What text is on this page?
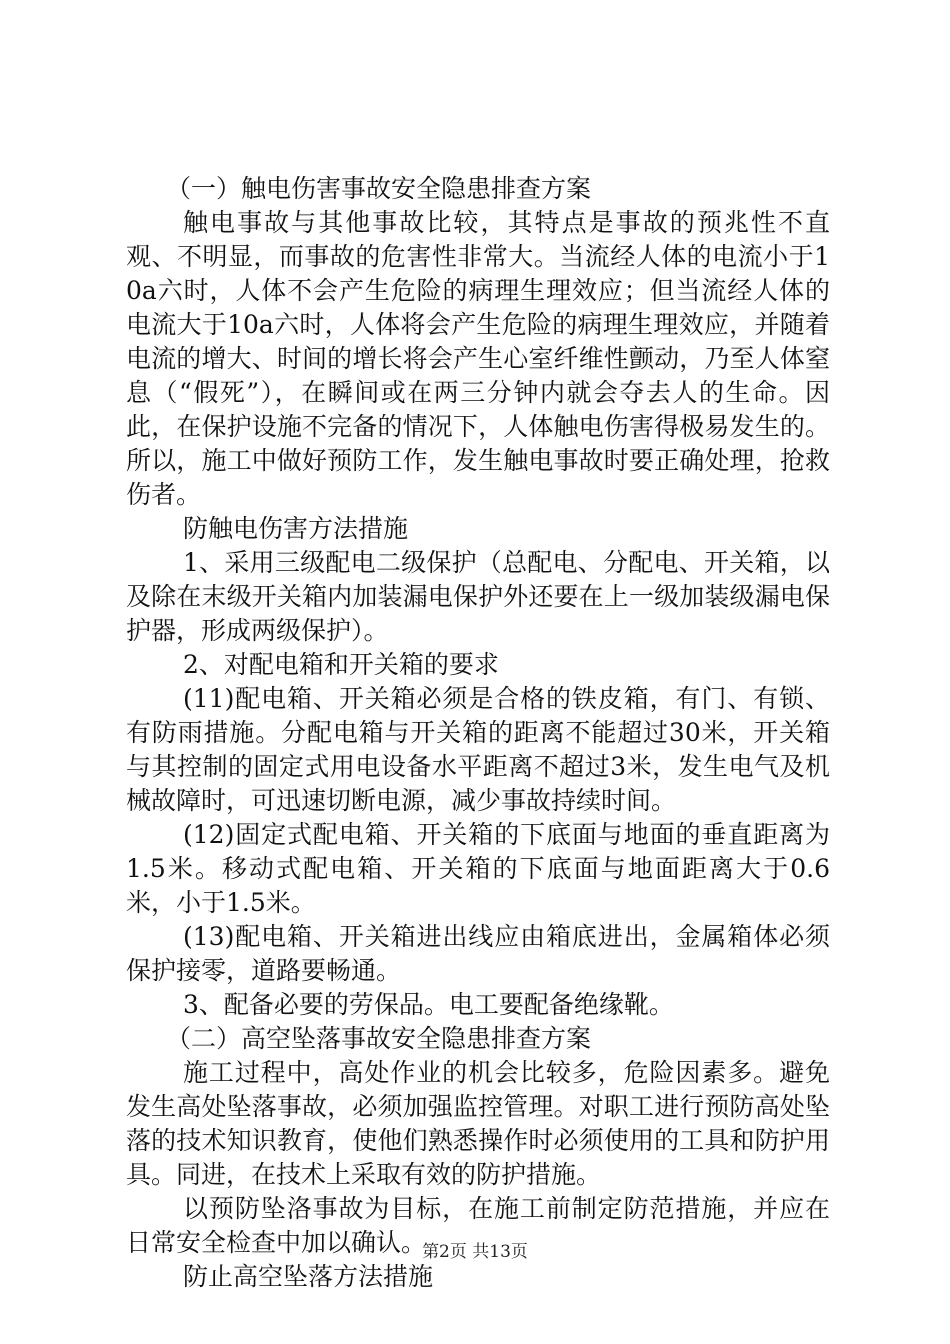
（一）触电伤害事故安全隐患排查方案

触电事故与其他事故比较，其特点是事故的预兆性不直观、不明显，而事故的危害性非常大。当流经人体的电流小于10a六时，人体不会产生危险的病理生理效应；但当流经人体的电流大于10a六时，人体将会产生危险的病理生理效应，并随着电流的增大、时间的增长将会产生心室纤维性颤动，乃至人体窒息（“假死”），在瞬间或在两三分钟内就会夺去人的生命。因此，在保护设施不完备的情况下，人体触电伤害得极易发生的。所以，施工中做好预防工作，发生触电事故时要正确处理，抢救伤者。

防触电伤害方法措施

1、采用三级配电二级保护（总配电、分配电、开关箱，以及除在末级开关箱内加装漏电保护外还要在上一级加装级漏电保护器，形成两级保护）。

2、对配电箱和开关箱的要求

(11)配电箱、开关箱必须是合格的铁皮箱，有门、有锁、有防雨措施。分配电箱与开关箱的距离不能超过30米，开关箱与其控制的固定式用电设备水平距离不超过3米，发生电气及机械故障时，可迅速切断电源，减少事故持续时间。

(12)固定式配电箱、开关箱的下底面与地面的垂直距离为1.5米。移动式配电箱、开关箱的下底面与地面距离大于0.6米，小于1.5米。

(13)配电箱、开关箱进出线应由箱底进出，金属箱体必须保护接零，道路要畅通。

3、配备必要的劳保品。电工要配备绝缘靴。

（二）高空坠落事故安全隐患排查方案

施工过程中，高处作业的机会比较多，危险因素多。避免发生高处坠落事故，必须加强监控管理。对职工进行预防高处坠落的技术知识教育，使他们熟悉操作时必须使用的工具和防护用具。同进，在技术上采取有效的防护措施。

以预防坠洛事故为目标，在施工前制定防范措施，并应在日常安全检查中加以确认。

防止高空坠落方法措施

第2页 共13页
